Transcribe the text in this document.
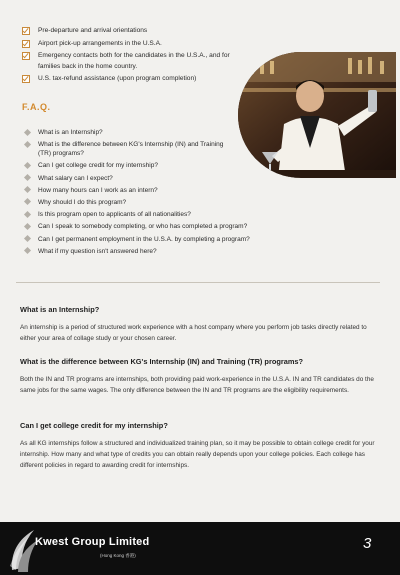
Pre-departure and arrival orientations
Airport pick-up arrangements in the U.S.A.
Emergency contacts both for the candidates in the U.S.A., and for families back in the home country.
U.S. tax-refund assistance (upon program completion)
F.A.Q.
What is an Internship?
What is the difference between KG's Internship (IN) and Training (TR) programs?
Can I get college credit for my internship?
What salary can I expect?
How many hours can I work as an intern?
Why should I do this program?
Is this program open to applicants of all nationalities?
Can I speak to somebody completing, or who has completed a program?
Can I get permanent employment in the U.S.A. by completing a program?
What if my question isn't answered here?
What is an Internship?

An internship is a period of structured work experience with a host company where you perform job tasks directly related to either your area of collage study or your chosen career.

What is the difference between KG's Internship (IN) and Training (TR) programs?

Both the IN and TR programs are internships, both providing paid work-experience in the U.S.A. IN and TR candidates do the same jobs for the same wages. The only difference between the IN and TR programs are the eligibility requirements.

Can I get college credit for my internship?

As all KG internships follow a structured and individualized training plan, so it may be possible to obtain college credit for your internship. How many and what type of credits you can obtain really depends upon your college policies. Each college has different policies in regard to awarding credit for internships.

Kwest Group Limited
(Hong Kong 香港)
3
